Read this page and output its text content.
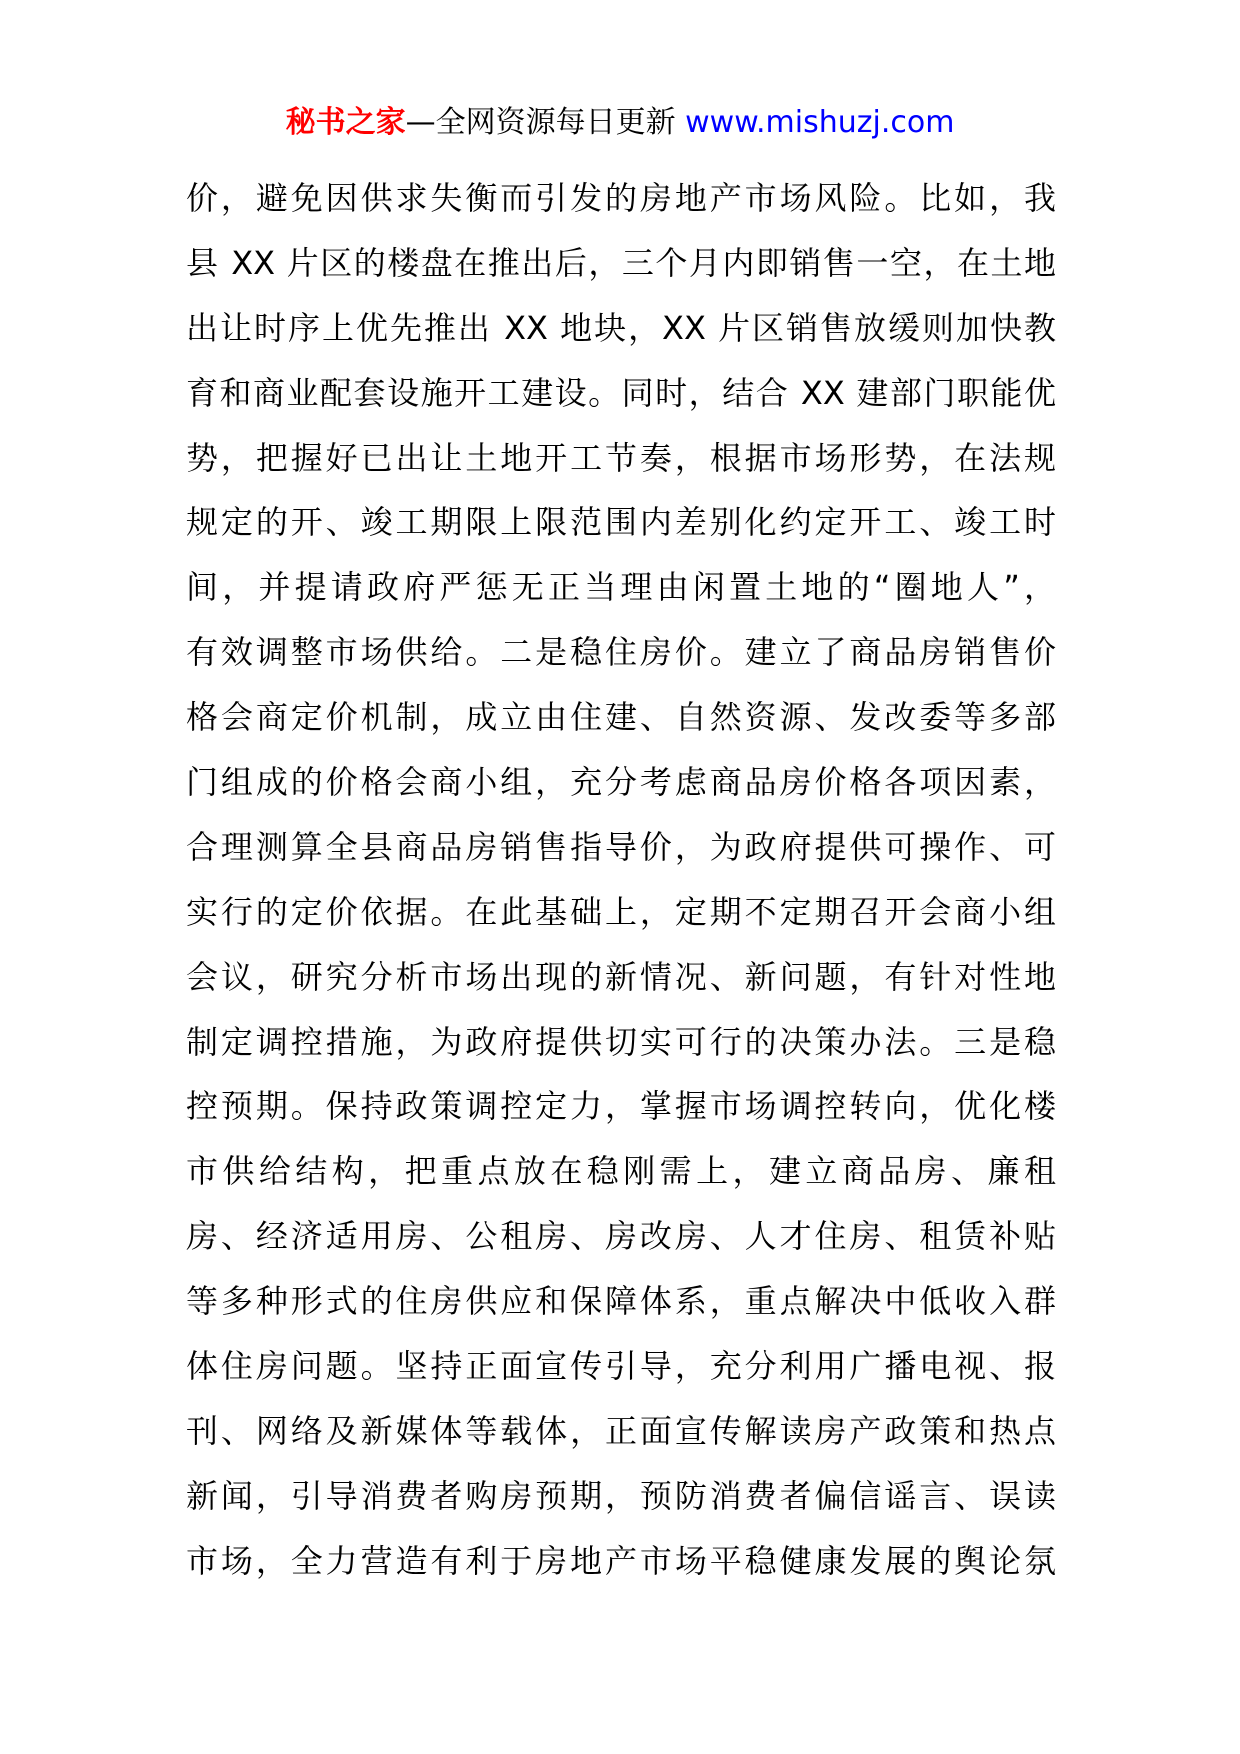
秘书之家—全网资源每日更新 www.mishuzj.com
价，避免因供求失衡而引发的房地产市场风险。比如，我
县 XX 片区的楼盘在推出后，三个月内即销售一空，在土地
出让时序上优先推出 XX 地块，XX 片区销售放缓则加快教
育和商业配套设施开工建设。同时，结合 XX 建部门职能优
势，把握好已出让土地开工节奏，根据市场形势，在法规
规定的开、竣工期限上限范围内差别化约定开工、竣工时
间，并提请政府严惩无正当理由闲置土地的“圈地人”，
有效调整市场供给。二是稳住房价。建立了商品房销售价
格会商定价机制，成立由住建、自然资源、发改委等多部
门组成的价格会商小组，充分考虑商品房价格各项因素，
合理测算全县商品房销售指导价，为政府提供可操作、可
实行的定价依据。在此基础上，定期不定期召开会商小组
会议，研究分析市场出现的新情况、新问题，有针对性地
制定调控措施，为政府提供切实可行的决策办法。三是稳
控预期。保持政策调控定力，掌握市场调控转向，优化楼
市供给结构，把重点放在稳刚需上，建立商品房、廉租
房、经济适用房、公租房、房改房、人才住房、租赁补贴
等多种形式的住房供应和保障体系，重点解决中低收入群
体住房问题。坚持正面宣传引导，充分利用广播电视、报
刊、网络及新媒体等载体，正面宣传解读房产政策和热点
新闻，引导消费者购房预期，预防消费者偏信谣言、误读
市场，全力营造有利于房地产市场平稳健康发展的舆论氛
